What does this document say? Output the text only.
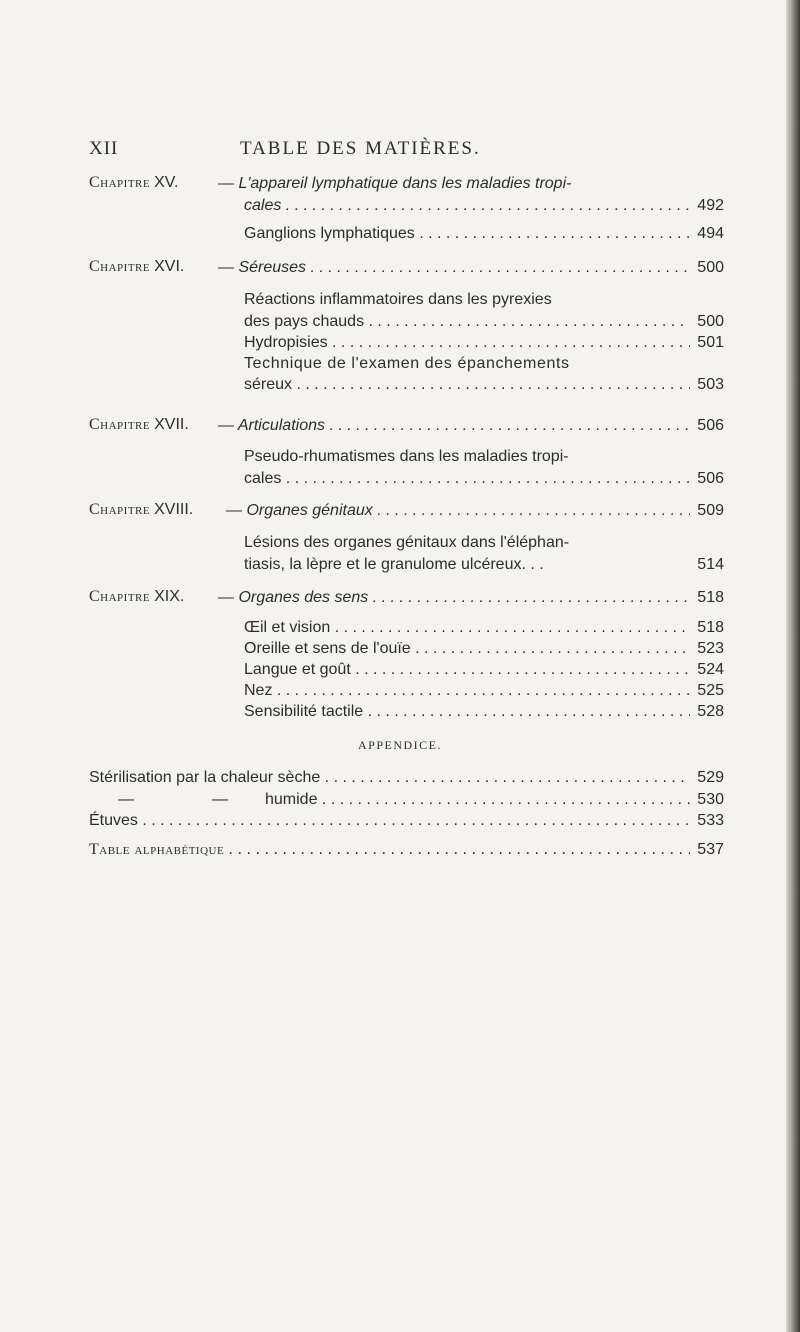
XII	TABLE DES MATIÈRES.
Chapitre XV. — L'appareil lymphatique dans les maladies tropi-
cales . . .	492
Ganglions lymphatiques . . .	494
Chapitre XVI. — Séreuses . . .	500
Réactions inflammatoires dans les pyrexies
des pays chauds . . .	500
Hydropisies . . .	501
Technique de l'examen des épanchements
séreux . . .	503
Chapitre XVII. — Articulations . . .	506
Pseudo-rhumatismes dans les maladies tropi-
cales . . .	506
Chapitre XVIII. — Organes génitaux . . .	509
Lésions des organes génitaux dans l'éléphan-
tiasis, la lèpre et le granulome ulcéreux. . .	514
Chapitre XIX. — Organes des sens . . .	518
Œil et vision . . .	518
Oreille et sens de l'ouïe . . .	523
Langue et goût . . .	524
Nez . . .	525
Sensibilité tactile . . .	528
APPENDICE.
Stérilisation par la chaleur sèche . . .	529
—	— humide . . .	530
Étuves . . .	533
Table alphabétique . . .	537
